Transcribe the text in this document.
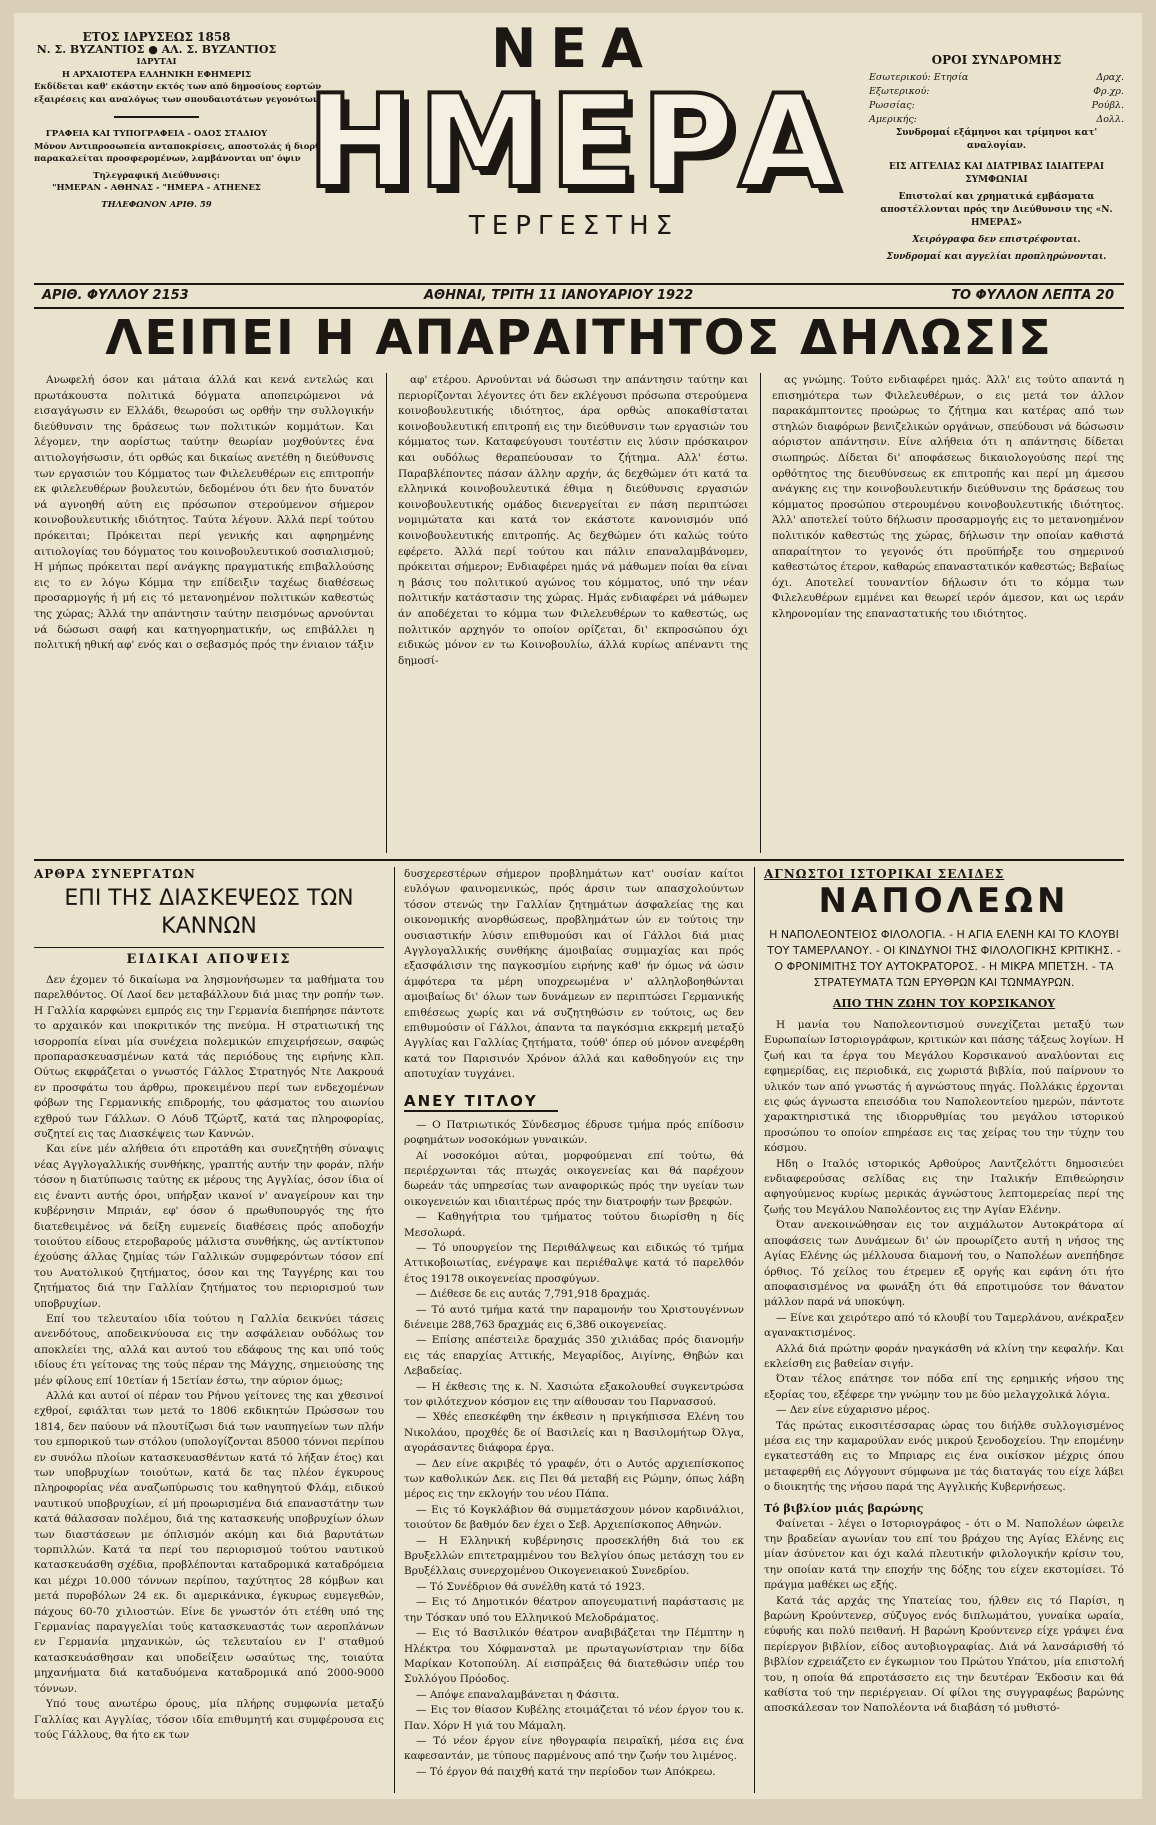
ΕΤΟΣ ΙΔΡΥΣΕΩΣ 1858
Ν. Σ. ΒΥΖΑΝΤΙΟΣ ● ΑΛ. Σ. ΒΥΖΑΝΤΙΟΣ
ΙΔΡΥΤΑΙ
Η ΑΡΧΑΙΟΤΕΡΑ ΕΛΛΗΝΙΚΗ ΕΦΗΜΕΡΙΣ
Εκδίδεται καθ' εκάστην εκτός των από δημοσίους εορτών
εξαιρέσεις και αναλόγως των σπουδαιοτάτων γεγονότων
ΓΡΑΦΕΙΑ ΚΑΙ ΤΥΠΟΓΡΑΦΕΙΑ - ΟΔΟΣ ΣΤΑΔΙΟΥ
Μόνον Αντιπροσωπεία ανταποκρίσεις, αποστολάς ή διορθώσεις
παρακαλείται προσφερομένων, λαμβάνονται υπ' όψιν
Τηλεγραφική Διεύθυνσις:
"ΗΜΕΡΑΝ - ΑΘΗΝΑΣ - "ΗΜΕΡΑ - ΑΤΗΕΝΕΣ
ΤΗΛΕΦΩΝΟΝ ΑΡΙΘ. 59
ΝΕΑ
ΗΜΕΡΑ
ΤΕΡΓΕΣΤΗΣ
ΟΡΟΙ ΣΥΝΔΡΟΜΗΣ
Εσωτερικού: Ετησία	Δραχ.
Εξωτερικού:	Φρ.χρ.
Ρωσσίας:	Ρούβλ.
Αμερικής:	Δολλ.
Συνδρομαί εξάμηνοι και τρίμηνοι κατ' αναλογίαν.
ΕΙΣ ΑΓΓΕΛΙΑΣ ΚΑΙ ΔΙΑΤΡΙΒΑΣ ΙΔΙΑΙΤΕΡΑΙ ΣΥΜΦΩΝΙΑΙ
Επιστολαί και χρηματικά εμβάσματα αποστέλλονται πρός την Διεύθυνσιν της «Ν. ΗΜΕΡΑΣ»
Χειρόγραφα δεν επιστρέφονται.
Συνδρομαί και αγγελίαι προπληρώνονται.
ΑΡΙΘ. ΦΥΛΛΟΥ 2153	ΑΘΗΝΑΙ, ΤΡΙΤΗ 11 ΙΑΝΟΥΑΡΙΟΥ 1922	ΤΟ ΦΥΛΛΟΝ ΛΕΠΤΑ 20
ΛΕΙΠΕΙ Η ΑΠΑΡΑΙΤΗΤΟΣ ΔΗΛΩΣΙΣ

Ανωφελή όσον και μάταια άλλά και κενά εντελώς και πρωτάκουστα πολιτικά δόγματα αποπειρώμενοι νά εισαγάγωσιν εν Ελλάδι, θεωρούσι ως ορθήν την συλλογικήν διεύθυνσιν της δράσεως των πολιτικών κομμάτων. Και λέγομεν, την αορίστως ταύτην θεωρίαν μοχθούντες ένα αιτιολογήσωσιν, ότι ορθώς και δικαίως ανετέθη η διεύθυνσις των εργασιών του Κόμματος των Φιλελευθέρων εις επιτροπήν εκ φιλελευθέρων βουλευτών, δεδομένου ότι δεν ήτο δυνατόν νά αγνοηθή αύτη εις πρόσωπον στερούμενον σήμερον κοινοβουλευτικής ιδιότητος. Ταύτα λέγουν. Άλλά περί τούτου πρόκειται; Πρόκειται περί γενικής και αφηρημένης αιτιολογίας του δόγματος του κοινοβουλευτικού σοσιαλισμού; Η μήπως πρόκειται περί ανάγκης πραγματικής επιβαλλούσης εις το εν λόγω Κόμμα την επίδειξιν ταχέως διαθέσεως προσαρμογής ή μή εις τό μετανοημένον πολιτικών καθεστώς της χώρας; Άλλά την απάντησιν ταύτην πεισμόνως αρνούνται νά δώσωσι σαφή και κατηγορηματικήν, ως επιβάλλει η πολιτική ηθική αφ' ενός και ο σεβασμός πρός την ένιαιον τάξιν

αφ' ετέρου. Αρνούνται νά δώσωσι την απάντησιν ταύτην και περιορίζονται λέγοντες ότι δεν εκλέγουσι πρόσωπα στερούμενα κοινοβουλευτικής ιδιότητος, άρα ορθώς αποκαθίσταται κοινοβουλευτική επιτροπή εις την διεύθυνσιν των εργασιών του κόμματος των. Καταφεύγουσι τουτέστιν εις λύσιν πρόσκαιρον και ουδόλως θεραπεύουσαν το ζήτημα. Αλλ' έστω. Παραβλέποντες πάσαν άλλην αρχήν, άς δεχθώμεν ότι κατά τα ελληνικά κοινοβουλευτικά έθιμα η διεύθυνσις εργασιών κοινοβουλευτικής ομάδος διενεργείται εν πάση περιπτώσει νομιμώτατα και κατά τον εκάστοτε κανονισμόν υπό κοινοβουλευτικής επιτροπής. Ας δεχθώμεν ότι καλώς τούτο εφέρετο. Άλλά περί τούτου και πάλιν επαναλαμβάνομεν, πρόκειται σήμερον; Ενδιαφέρει ημάς νά μάθωμεν ποίαι θα είναι η βάσις του πολιτικού αγώνος του κόμματος, υπό την νέαν πολιτικήν κατάστασιν της χώρας. Ημάς ενδιαφέρει νά μάθωμεν άν αποδέχεται το κόμμα των Φιλελευθέρων το καθεστώς, ως πολιτικόν αρχηγόν το οποίον ορίζεται, δι' εκπροσώπου όχι ειδικώς μόνον εν τω Κοινοβουλίω, άλλά κυρίως απέναντι της δημοσί-

ας γνώμης. Τούτο ενδιαφέρει ημάς. Άλλ' εις τούτο απαντά η επισημότερα των Φιλελευθέρων, ο εις μετά τον άλλον παρακάμπτοντες προώρως το ζήτημα και κατέρας από των στηλών διαφόρων βενιζελικών οργάνων, σπεύδουσι νά δώσωσιν αόριστον απάντησιν. Είνε αλήθεια ότι η απάντησις δίδεται σιωπηρώς. Δίδεται δι' αποφάσεως δικαιολογούσης περί της ορθότητος της διευθύνσεως εκ επιτροπής και περί μη άμεσου ανάγκης εις την κοινοβουλευτικήν διεύθυνσιν της δράσεως του κόμματος προσώπου στερουμένου κοινοβουλευτικής ιδιότητος. Άλλ' αποτελεί τούτο δήλωσιν προσαρμογής εις το μετανοημένον πολιτικόν καθεστώς της χώρας, δήλωσιν την οποίαν καθιστά απαραίτητον το γεγονός ότι προϋπήρξε του σημερινού καθεστώτος έτερον, καθαρώς επαναστατικόν καθεστώς; Βεβαίως όχι. Αποτελεί τουναντίον δήλωσιν ότι το κόμμα των Φιλελευθέρων εμμένει και θεωρεί ιερόν άμεσον, και ως ιεράν κληρονομίαν της επαναστατικής του ιδιότητος.

ΑΡΘΡΑ ΣΥΝΕΡΓΑΤΩΝ
ΕΠΙ ΤΗΣ ΔΙΑΣΚΕΨΕΩΣ ΤΩΝ ΚΑΝΝΩΝ
ΕΙΔΙΚΑΙ ΑΠΟΨΕΙΣ

Δεν έχομεν τό δικαίωμα να λησμονήσωμεν τα μαθήματα του παρελθόντος. Οί Λαοί δεν μεταβάλλουν διά μιας την ροπήν των. Η Γαλλία καρφώνει εμπρός εις την Γερμανία διεπήρησε πάντοτε το αρχαικόν και ιποκριτικόν της πνεύμα. Η στρατιωτική της ισορροπία είναι μία συνέχεια πολεμικών επιχειρήσεων, σαφώς προπαρασκευασμένων κατά τάς περιόδους της ειρήνης κλπ. Ούτως εκφράζεται ο γνωστός Γάλλος Στρατηγός Ντε Λακρουά εν προσφάτω του άρθρω, προκειμένου περί των ενδεχομένων φόβων της Γερμανικής επιδρομής, του φάσματος του αιωνίου εχθρού των Γάλλων. Ο Λόυδ Τζώρτζ, κατά τας πληροφορίας, συζητεί εις τας Διασκέψεις των Καννών.

Και είνε μέν αλήθεια ότι επροτάθη και συνεζητήθη σύναψις νέας Αγγλογαλλικής συνθήκης, γραπτής αυτήν την φοράν, πλήν τόσον η διατύπωσις ταύτης εκ μέρους της Αγγλίας, όσον ίδια οί εις έναντι αυτής όροι, υπήρξαν ικανοί ν' αναγείρουν και την κυβέρνησιν Μπριάν, εφ' όσον ό πρωθυπουργός της ήτο διατεθειμένος νά δείξη ευμενείς διαθέσεις πρός αποδοχήν τοιούτου είδους ετεροβαρούς μάλιστα συνθήκης, ώς αντίκτυπον έχούσης άλλας ζημίας τών Γαλλικών συμφερόντων τόσον επί του Ανατολικού ζητήματος, όσον και της Ταγγέρης και του ζητήματος διά την Γαλλίαν ζητήματος του περιορισμού των υποβρυχίων.

Επί του τελευταίου ιδία τούτου η Γαλλία δεικνύει τάσεις ανενδότους, αποδεικνύουσα εις την ασφάλειαν ουδόλως τον αποκλείει της, αλλά και αυτού του εδάφους της και υπό τούς ιδίους έτι γείτονας της τούς πέραν της Μάγχης, σημειούσης της μέν φίλους επί 10ετίαν ή 15ετίαν έστω, την αύριον όμως;

Αλλά και αυτοί οί πέραν του Ρήνου γείτονες της και χθεσινοί εχθροί, εφιάλται των μετά το 1806 εκδικητών Πρώσσων του 1814, δεν παύουν νά πλουτίζωσι διά των ναυπηγείων των πλήν του εμπορικού των στόλου (υπολογίζονται 85000 τόννοι περίπου εν συνόλω πλοίων κατασκευασθέντων κατά τό λήξαν έτος) και των υποβρυχίων τοιούτων, κατά δε τας πλέον έγκυρους πληροφορίας νέα αναζωπύρωσις του καθηγητού Φλάμ, ειδικού ναυτικού υποβρυχίων, εί μή προωρισμένα διά επαναστάτην των κατά θάλασσαν πολέμου, διά της κατασκευής υποβρυχίων όλων των διαστάσεων με όπλισμόν ακόμη και διά βαρυτάτων τορπιλλών. Κατά τα περί του περιορισμού τούτου ναυτικού κατασκευάσθη σχέδια, προβλέπονται καταδρομικά καταδρόμεια και μέχρι 10.000 τόννων περίπου, ταχύτητος 28 κόμβων και μετά πυροβόλων 24 εκ. δι αμερικάνικα, έγκυρως ευμεγεθών, πάχους 60-70 χιλιοστών. Είνε δε γνωστόν ότι ετέθη υπό της Γερμανίας παραγγελίαι τούς κατασκευαστάς των αεροπλάνων εν Γερμανία μηχανικών, ώς τελευταίου εν Ι' σταθμού κατασκευάσθησαν και υποδείξειν ωσαύτως της, τοιαύτα μηχανήματα διά καταδυόμενα καταδρομικά από 2000-9000 τόννων.

Υπό τους ανωτέρω όρους, μία πλήρης συμφωνία μεταξύ Γαλλίας και Αγγλίας, τόσον ιδία επιθυμητή και συμφέρουσα εις τούς Γάλλους, θα ήτο εκ των

δυσχερεστέρων σήμερον προβλημάτων κατ' ουσίαν καίτοι ευλόγων φαινομενικώς, πρός άρσιν των απασχολούντων τόσον στενώς την Γαλλίαν ζητημάτων άσφαλείας της και οικονομικής ανορθώσεως, προβλημάτων ών εν τούτοις την ουσιαστικήν λύσιν επιθυμούσι και οί Γάλλοι διά μιας Αγγλογαλλικής συνθήκης άμοιβαίας συμμαχίας και πρός εξασφάλισιν της παγκοσμίου ειρήνης καθ' ήν όμως νά ώσιν άμφότερα τα μέρη υποχρεωμένα ν' αλληλοβοηθώνται αμοιβαίως δι' όλων των δυνάμεων εν περιπτώσει Γερμανικής επιθέσεως χωρίς και νά συζητηθώσιν εν τούτοις, ως δεν επιθυμούσιν οί Γάλλοι, άπαντα τα παγκόσμια εκκρεμή μεταξύ Αγγλίας και Γαλλίας ζητήματα, τούθ' όπερ ού μόνον ανεφέρθη κατά τον Παρισινόν Χρόνον άλλά και καθοδηγούν εις την αποτυχίαν τυγχάνει.

ΑΝΕΥ ΤΙΤΛΟΥ

— Ο Πατριωτικός Σύνδεσμος έδρυσε τμήμα πρός επίδοσιν ροφημάτων νοσοκόμων γυναικών.

Αί νοσοκόμοι αύται, μορφούμεναι επί τούτω, θά περιέρχωνται τάς πτωχάς οικογενείας και θά παρέχουν δωρεάν τάς υπηρεσίας των αναφορικώς πρός την υγείαν των οικογενειών και ιδιαιτέρως πρός την διατροφήν των βρεφών.

— Καθηγήτρια του τμήματος τούτου διωρίσθη η δίς Μεσολωρά.

— Τό υπουργείον της Περιθάλψεως και ειδικώς τό τμήμα Αττικοβοιωτίας, ενέγραψε και περιέθαλψε κατά τό παρελθόν έτος 19178 οικογενείας προσφύγων.

— Διέθεσε δε εις αυτάς 7,791,918 δραχμάς.

— Τό αυτό τμήμα κατά την παραμονήν του Χριστουγέννων διένειμε 288,763 δραχμάς εις 6,386 οικογενείας.

— Επίσης απέστειλε δραχμάς 350 χιλιάδας πρός διανομήν εις τάς επαρχίας Αττικής, Μεγαρίδος, Αιγίνης, Θηβών και Λεβαδείας.

— Η έκθεσις της κ. Ν. Χασιώτα εξακολουθεί συγκεντρώσα τον φιλότεχνον κόσμον εις την αίθουσαν του Παρνασσού.

— Χθές επεσκέφθη την έκθεσιν η πριγκήπισσα Ελένη του Νικολάου, προχθές δε οί Βασιλείς και η Βασιλομήτωρ Όλγα, αγοράσαντες διάφορα έργα.

— Δεν είνε ακριβές τό γραφέν, ότι ο Αυτός αρχιεπίσκοπος των καθολικών Δεκ. εις Πει θά μεταβή εις Ρώμην, όπως λάβη μέρος εις την εκλογήν του νέου Πάπα.

— Εις τό Κογκλάβιον θά συμμετάσχουν μόνον καρδινάλιοι, τοιούτον δε βαθμόν δεν έχει ο Σεβ. Αρχιεπίσκοπος Αθηνών.

— Η Ελληνική κυβέρνησις προσεκλήθη διά του εκ Βρυξελλών επιτετραμμένου του Βελγίου όπως μετάσχη του εν Βρυξέλλαις συνερχομένου Οικογενειακού Συνεδρίου.

— Τό Συνέδριον θά συνέλθη κατά τό 1923.

— Εις τό Δημοτικόν θέατρον απογευματινή παράστασις με την Τόσκαν υπό του Ελληνικού Μελοδράματος.

— Εις τό Βασιλικόν θέατρον αναβιβάζεται την Πέμπτην η Ηλέκτρα του Χόφμανσταλ με πρωταγωνίστριαν την δίδα Μαρίκαν Κοτοπούλη. Αί εισπράξεις θά διατεθώσιν υπέρ του Συλλόγου Πρόοδος.

— Απόψε επαναλαμβάνεται η Φάσιτα.

— Εις τον θίασον Κυβέλης ετοιμάζεται τό νέον έργον του κ. Παν. Χόρν Η γιά του Μάμαλη.

— Τό νέον έργον είνε ηθογραφία πειραϊκή, μέσα εις ένα καφεσαντάν, με τύπους παρμένους από την ζωήν του λιμένος.

— Τό έργον θά παιχθή κατά την περίοδον των Απόκρεω.

ΑΓΝΩΣΤΟΙ ΙΣΤΟΡΙΚΑΙ ΣΕΛΙΔΕΣ
ΝΑΠΟΛΕΩΝ
Η ΝΑΠΟΛΕΟΝΤΕΙΟΣ ΦΙΛΟΛΟΓΙΑ. - Η ΑΓΙΑ ΕΛΕΝΗ ΚΑΙ ΤΟ ΚΛΟΥΒΙ ΤΟΥ ΤΑΜΕΡΛΑΝΟΥ. - ΟΙ ΚΙΝΔΥΝΟΙ ΤΗΣ ΦΙΛΟΛΟΓΙΚΗΣ ΚΡΙΤΙΚΗΣ. - Ο ΦΡΟΝΙΜΙΤΗΣ ΤΟΥ ΑΥΤΟΚΡΑΤΟΡΟΣ. - Η ΜΙΚΡΑ ΜΠΕΤΣΗ. - ΤΑ ΣΤΡΑΤΕΥΜΑΤΑ ΤΩΝ ΕΡΥΘΡΩΝ ΚΑΙ ΤΩΝΜΑΥΡΩΝ.
ΑΠΟ ΤΗΝ ΖΩΗΝ ΤΟΥ ΚΟΡΣΙΚΑΝΟΥ

Η μανία του Ναπολεοντισμού συνεχίζεται μεταξύ των Ευρωπαίων Ιστοριογράφων, κριτικών και πάσης τάξεως λογίων. Η ζωή και τα έργα του Μεγάλου Κορσικανού αναλύονται εις εφημερίδας, εις περιοδικά, εις χωριστά βιβλία, πού παίρνουν το υλικόν των από γνωστάς ή αγνώστους πηγάς. Πολλάκις έρχονται εις φώς άγνωστα επεισόδια του Ναπολεοντείου ημερών, πάντοτε χαρακτηριστικά της ιδιορρυθμίας του μεγάλου ιστορικού προσώπου το οποίον επηρέασε εις τας χείρας του την τύχην του κόσμου.

Ηδη ο Ιταλός ιστορικός Αρθούρος Λαντζελόττι δημοσιεύει ενδιαφερούσας σελίδας εις την Ιταλικήν Επιθεώρησιν αφηγούμενος κυρίως μερικάς άγνώστους λεπτομερείας περί της ζωής του Μεγάλου Ναπολέοντος εις την Αγίαν Ελένην.

Όταν ανεκοινώθησαν εις τον αιχμάλωτον Αυτοκράτορα αί αποφάσεις των Δυνάμεων δι' ών προωρίζετο αυτή η νήσος της Αγίας Ελένης ώς μέλλουσα διαμονή του, ο Ναπολέων ανεπήδησε όρθιος. Τό χείλος του έτρεμεν εξ οργής και εφάνη ότι ήτο αποφασισμένος να φωνάξη ότι θά επροτιμούσε τον θάνατον μάλλον παρά νά υποκύψη.

— Είνε και χειρότερο από τό κλουβί του Ταμερλάνου, ανέκραξεν αγανακτισμένος.

Αλλά διά πρώτην φοράν ηναγκάσθη νά κλίνη την κεφαλήν. Και εκλείσθη εις βαθείαν σιγήν.

Όταν τέλος επάτησε τον πόδα επί της ερημικής νήσου της εξορίας του, εξέφερε την γνώμην του με δύο μελαγχολικά λόγια.

— Δεν είνε εύχαρισνο μέρος.

Τάς πρώτας εικοσιτέσσαρας ώρας του διήλθε συλλογισμένος μέσα εις την καμαρούλαν ενός μικρού ξενοδοχείου. Την επομένην εγκατεστάθη εις το Μπριαρς εις ένα οικίσκον μέχρις όπου μεταφερθή εις Λόγγουντ σύμφωνα με τάς διαταγάς του είχε λάβει ο διοικητής της νήσου παρά της Αγγλικής Κυβερνήσεως.

Τό βιβλίον μιάς βαρώνης

Φαίνεται - λέγει ο Ιστοριογράφος - ότι ο Μ. Ναπολέων ώφειλε την βραδείαν αγωνίαν του επί του βράχου της Αγίας Ελένης εις μίαν άσύνετον και όχι καλά πλευτικήν φιλολογικήν κρίσιν του, την οποίαν κατά την εποχήν της δόξης του είχεν εκστομίσει. Τό πράγμα μαθέκει ως εξής.

Κατά τάς αρχάς της Υπατείας του, ήλθεν εις τό Παρίσι, η βαρώνη Κρούντενερ, σύζυγος ενός διπλωμάτου, γυναίκα ωραία, εύφυής και πολύ πειθανή. Η βαρώνη Κρούντενερ είχε γράψει ένα περίεργον βιβλίον, είδος αυτοβιογραφίας. Διά νά λανσάρισθή τό βιβλίον εχρειάζετο εν έγκωμιον του Πρώτου Υπάτου, μία επιστολή του, η οποία θά επροτάσσετο εις την δευτέραν Έκδοσιν και θά καθίστα τού την περιέργειαν. Οί φίλοι της συγγραφέως βαρώνης αποσκάλεσαν τον Ναπολέοντα νά διαβάση τό μυθιστό-
